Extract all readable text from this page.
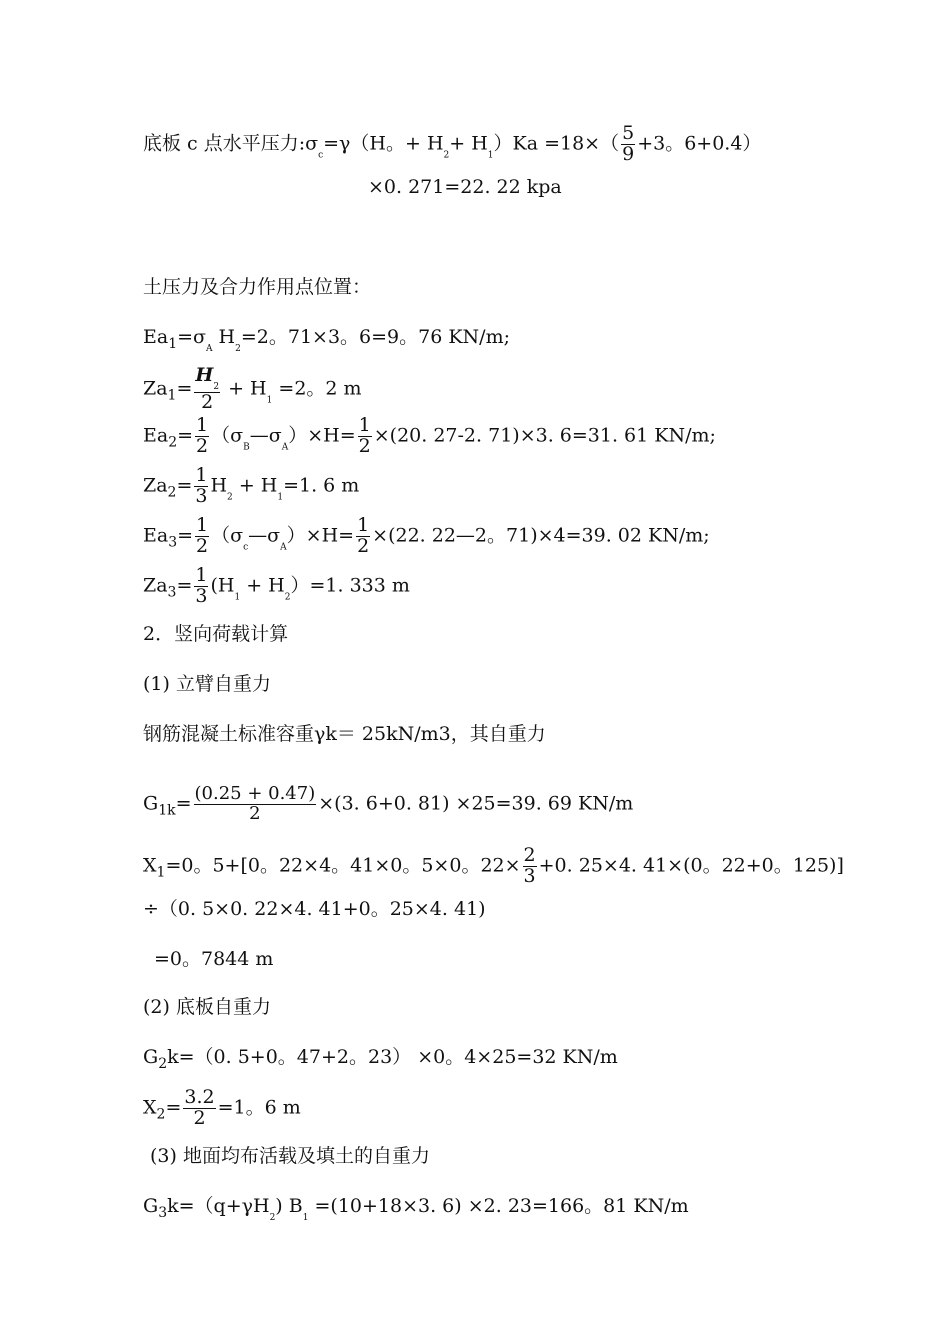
底板 c 点水平压力$:\sigma_c=\gamma(H$。+ $H_2+ H_1)Ka =18\times( \frac{5}{9} +3$。6+0.4）
×0. 271=22. 22 kpa
土压力及合力作用点位置：
$Ea_1=\sigma_A$ $H_2=2$。71×3。6=9。76 KN/m;
$Za_1= \frac{H_2}{2} + H_1 =2$。2 m
$Ea_2= \frac{1}{2}$ $(\sigma_B—\sigma_A)\times H= \frac{1}{2} \times(20$. 27-2. 71)×3. 6=31. 61 KN/m;
$Za_2= \frac{1}{3} H_2 + H_1=1$. 6 m
$Ea_3= \frac{1}{2}$ $(\sigma_c—\sigma_A)\times H= \frac{1}{2} \times(22$. 22—2。71)×4=39. 02 KN/m;
$Za_3= \frac{1}{3} (H_1 + H_2)=1$. 333 m
2．竖向荷载计算
(1) 立臂自重力
钢筋混凝土标准容重γk＝ 25kN/m3，其自重力
$G_{1k}= \frac{(0.25 + 0.47)}{2} \times(3$. 6+0. 81) ×25=39. 69 KN/m
$X_1=0$。5+[0。22×4。41×0。5×0。$22\times \frac{2}{3} +0$. 25×4. 41×(0。22+0。125)]
÷（0. 5×0. 22×4. 41+0。25×4. 41)
=0。7844 m
(2) 底板自重力
$G_2k=(0$. 5+0。47+2。23） ×0。4×25=32 KN/m
$X_2= \frac{3.2}{2} =1$。6 m
(3) 地面均布活载及填土的自重力
$G_3k=(q+\gamma H_2)$ $B_1 =(10+18\times 3$. 6) ×2. 23=166。81 KN/m
